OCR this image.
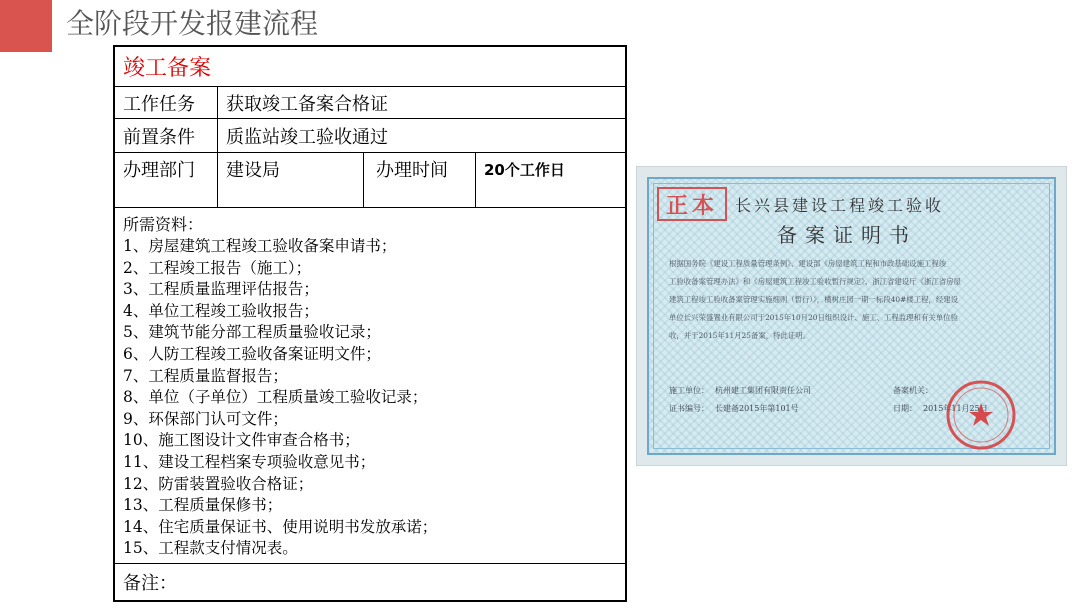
全阶段开发报建流程
竣工备案
工作任务	获取竣工备案合格证
前置条件	质监站竣工验收通过
办理部门	建设局	办理时间	20个工作日
所需资料：
1、房屋建筑工程竣工验收备案申请书；
2、工程竣工报告（施工）；
3、工程质量监理评估报告；
4、单位工程竣工验收报告；
5、建筑节能分部工程质量验收记录；
6、人防工程竣工验收备案证明文件；
7、工程质量监督报告；
8、单位（子单位）工程质量竣工验收记录；
9、环保部门认可文件；
10、施工图设计文件审查合格书；
11、建设工程档案专项验收意见书；
12、防雷装置验收合格证；
13、工程质量保修书；
14、住宅质量保证书、使用说明书发放承诺；
15、工程款支付情况表。
备注：
正本	长兴县建设工程竣工验收
备案证明书
根据国务院《建设工程质量管理条例》、建设部《房屋建筑工程和市政基础设施工程竣
工验收备案管理办法》和《房屋建筑工程竣工验收暂行规定》、浙江省建设厅《浙江省房屋
建筑工程竣工验收备案管理实施细则（暂行）》，横树庄园一期一标段40#楼工程，经建设
单位长兴荣盛置业有限公司于2015年10月20日组织设计、施工、工程监理和有关单位验
收，并于2015年11月25备案，特此证明。
施工单位： 杭州建工集团有限责任公司	备案机关：
证书编号： 长建备2015年第101号	日期： 2015年11月25日
